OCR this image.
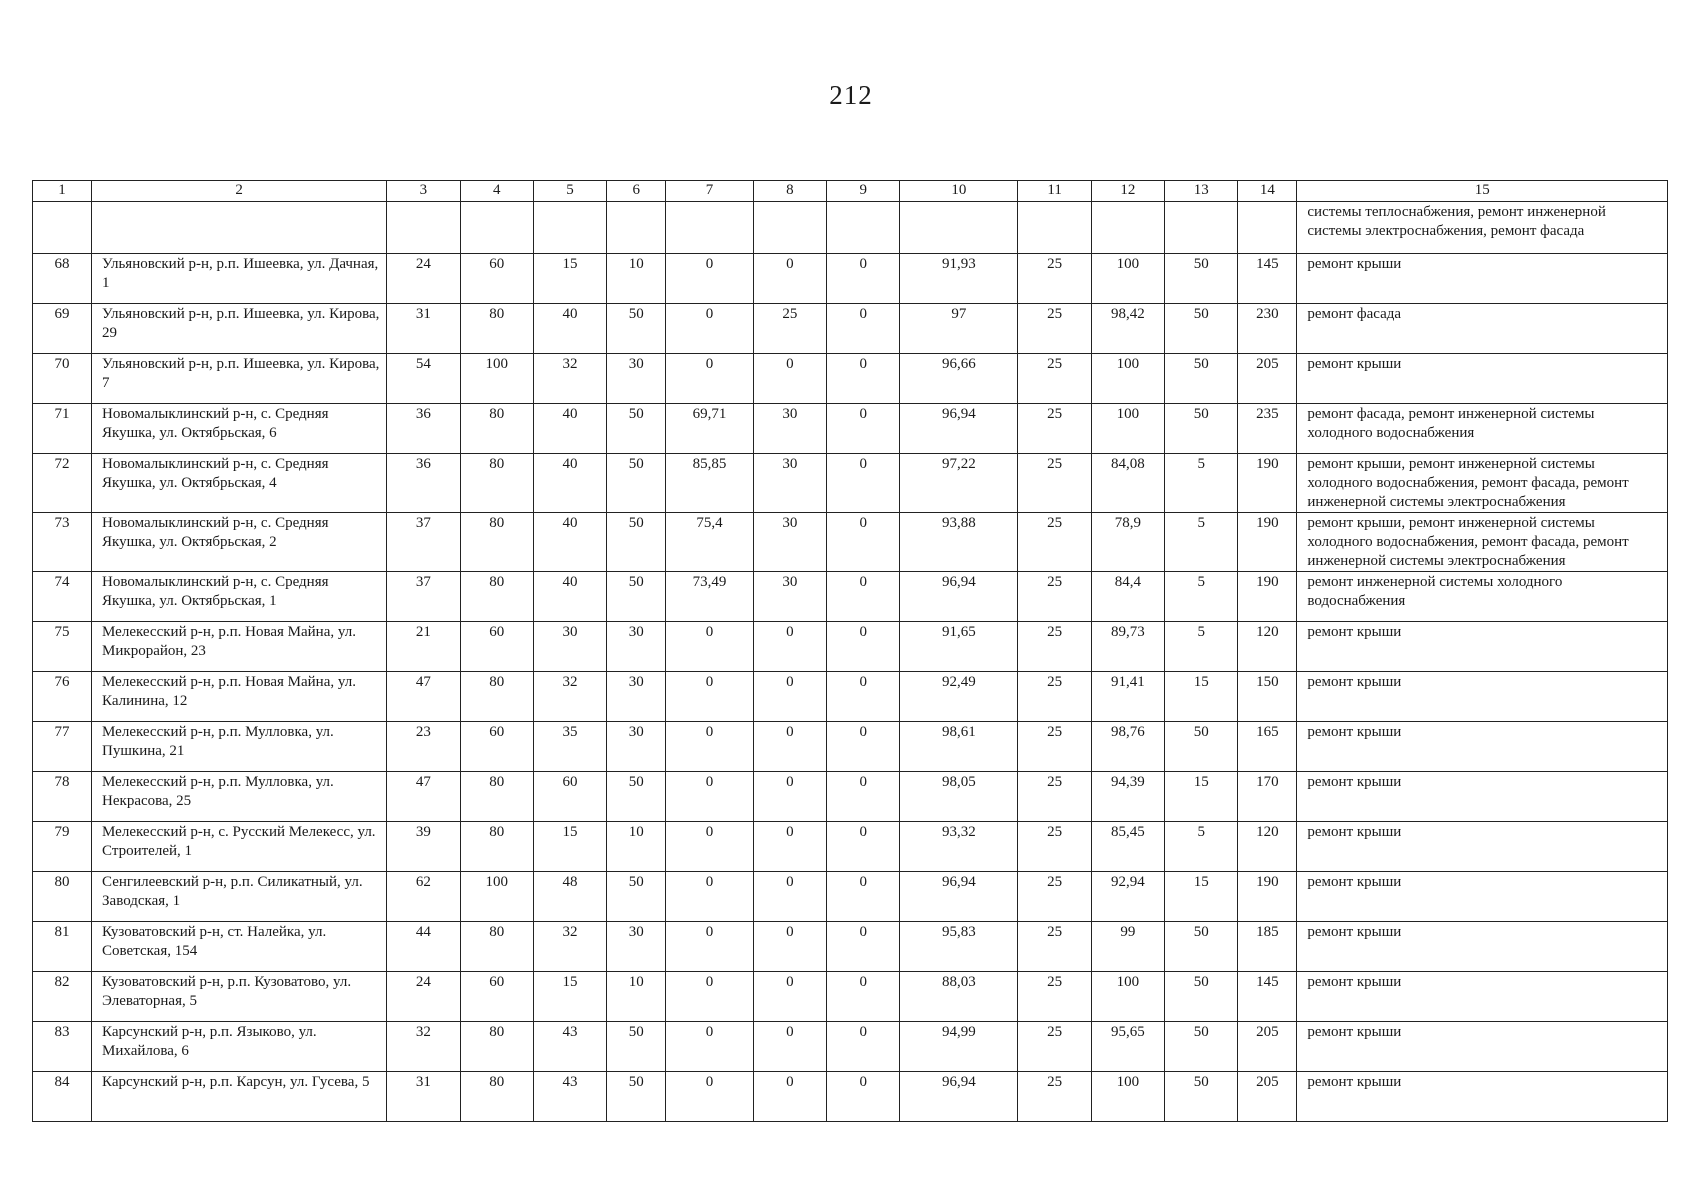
212
1	2	3	4	5	6	7	8	9	10	11	12	13	14	15
														системы теплоснабжения, ремонт инженерной системы электроснабжения, ремонт фасада
68	Ульяновский р-н, р.п. Ишеевка, ул. Дачная, 1	24	60	15	10	0	0	0	91,93	25	100	50	145	ремонт крыши
69	Ульяновский р-н, р.п. Ишеевка, ул. Кирова, 29	31	80	40	50	0	25	0	97	25	98,42	50	230	ремонт фасада
70	Ульяновский р-н, р.п. Ишеевка, ул. Кирова, 7	54	100	32	30	0	0	0	96,66	25	100	50	205	ремонт крыши
71	Новомалыклинский р-н, с. Средняя Якушка, ул. Октябрьская, 6	36	80	40	50	69,71	30	0	96,94	25	100	50	235	ремонт фасада, ремонт инженерной системы холодного водоснабжения
72	Новомалыклинский р-н, с. Средняя Якушка, ул. Октябрьская, 4	36	80	40	50	85,85	30	0	97,22	25	84,08	5	190	ремонт крыши, ремонт инженерной системы холодного водоснабжения, ремонт фасада, ремонт инженерной системы электроснабжения
73	Новомалыклинский р-н, с. Средняя Якушка, ул. Октябрьская, 2	37	80	40	50	75,4	30	0	93,88	25	78,9	5	190	ремонт крыши, ремонт инженерной системы холодного водоснабжения, ремонт фасада, ремонт инженерной системы электроснабжения
74	Новомалыклинский р-н, с. Средняя Якушка, ул. Октябрьская, 1	37	80	40	50	73,49	30	0	96,94	25	84,4	5	190	ремонт инженерной системы холодного водоснабжения
75	Мелекесский р-н, р.п. Новая Майна, ул. Микрорайон, 23	21	60	30	30	0	0	0	91,65	25	89,73	5	120	ремонт крыши
76	Мелекесский р-н, р.п. Новая Майна, ул. Калинина, 12	47	80	32	30	0	0	0	92,49	25	91,41	15	150	ремонт крыши
77	Мелекесский р-н, р.п. Мулловка, ул. Пушкина, 21	23	60	35	30	0	0	0	98,61	25	98,76	50	165	ремонт крыши
78	Мелекесский р-н, р.п. Мулловка, ул. Некрасова, 25	47	80	60	50	0	0	0	98,05	25	94,39	15	170	ремонт крыши
79	Мелекесский р-н, с. Русский Мелекесс, ул. Строителей, 1	39	80	15	10	0	0	0	93,32	25	85,45	5	120	ремонт крыши
80	Сенгилеевский р-н, р.п. Силикатный, ул. Заводская, 1	62	100	48	50	0	0	0	96,94	25	92,94	15	190	ремонт крыши
81	Кузоватовский р-н, ст. Налейка, ул. Советская, 154	44	80	32	30	0	0	0	95,83	25	99	50	185	ремонт крыши
82	Кузоватовский р-н, р.п. Кузоватово, ул. Элеваторная, 5	24	60	15	10	0	0	0	88,03	25	100	50	145	ремонт крыши
83	Карсунский р-н, р.п. Языково, ул. Михайлова, 6	32	80	43	50	0	0	0	94,99	25	95,65	50	205	ремонт крыши
84	Карсунский р-н, р.п. Карсун, ул. Гусева, 5	31	80	43	50	0	0	0	96,94	25	100	50	205	ремонт крыши
